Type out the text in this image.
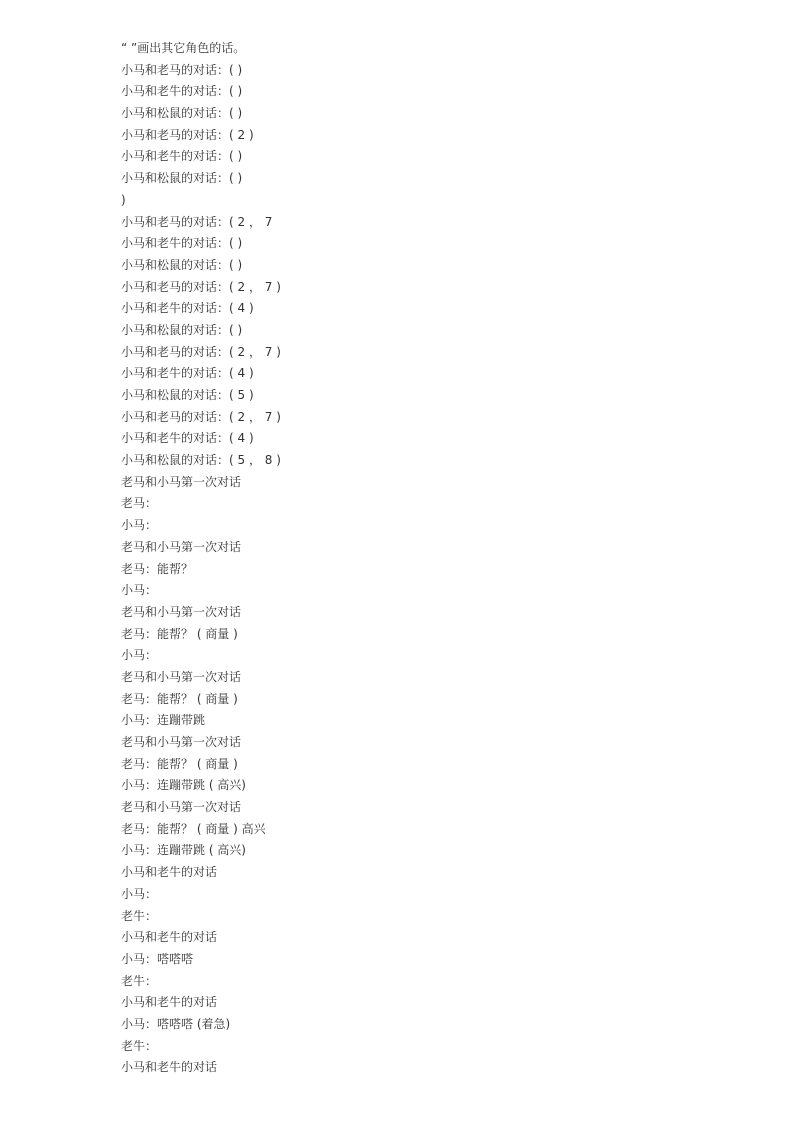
“ ”画出其它角色的话。
小马和老马的对话：( )
小马和老牛的对话：( )
小马和松鼠的对话：( )
小马和老马的对话：( 2 )
小马和老牛的对话：( )
小马和松鼠的对话：( )
)
小马和老马的对话：( 2 ， 7
小马和老牛的对话：( )
小马和松鼠的对话：( )
小马和老马的对话：( 2 ， 7 )
小马和老牛的对话：( 4 )
小马和松鼠的对话：( )
小马和老马的对话：( 2 ， 7 )
小马和老牛的对话：( 4 )
小马和松鼠的对话：( 5 )
小马和老马的对话：( 2 ， 7 )
小马和老牛的对话：( 4 )
小马和松鼠的对话：( 5 ， 8 )
老马和小马第一次对话
老马：
小马：
老马和小马第一次对话
老马：能帮？
小马：
老马和小马第一次对话
老马：能帮？ ( 商量 )
小马：
老马和小马第一次对话
老马：能帮？ ( 商量 )
小马：连蹦带跳
老马和小马第一次对话
老马：能帮？ ( 商量 )
小马：连蹦带跳 ( 高兴)
老马和小马第一次对话
老马：能帮？ ( 商量 ) 高兴
小马：连蹦带跳 ( 高兴)
小马和老牛的对话
小马：
老牛：
小马和老牛的对话
小马：嗒嗒嗒
老牛：
小马和老牛的对话
小马：嗒嗒嗒 (着急)
老牛：
小马和老牛的对话
